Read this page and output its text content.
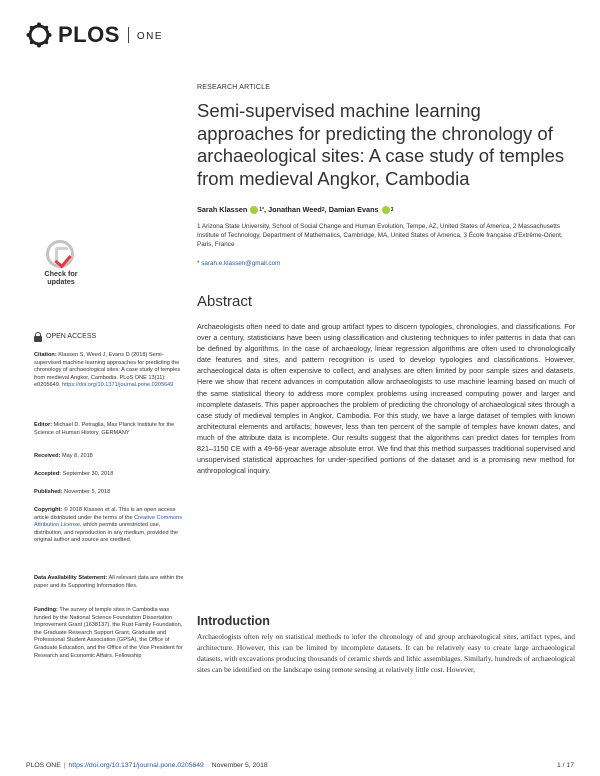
PLOS ONE
Check for
updates
RESEARCH ARTICLE
Semi-supervised machine learning approaches for predicting the chronology of archaeological sites: A case study of temples from medieval Angkor, Cambodia
Sarah Klassen 1* , Jonathan Weed 2 , Damian Evans 3
1 Arizona State University, School of Social Change and Human Evolution, Tempe, AZ, United States of America, 2 Massachusetts Institute of Technology, Department of Mathematics, Cambridge, MA, United States of America, 3 École française d'Extrême-Orient, Paris, France
* sarah.e.klassen@gmail.com
Abstract
Archaeologists often need to date and group artifact types to discern typologies, chronologies, and classifications. For over a century, statisticians have been using classification and clustering techniques to infer patterns in data that can be defined by algorithms. In the case of archaeology, linear regression algorithms are often used to chronologically date features and sites, and pattern recognition is used to develop typologies and classifications. However, archaeological data is often expensive to collect, and analyses are often limited by poor sample sizes and datasets. Here we show that recent advances in computation allow archaeologists to use machine learning based on much of the same statistical theory to address more complex problems using increased computing power and larger and incomplete datasets. This paper approaches the problem of predicting the chronology of archaeological sites through a case study of medieval temples in Angkor, Cambodia. For this study, we have a large dataset of temples with known architectural elements and artifacts; however, less than ten percent of the sample of temples have known dates, and much of the attribute data is incomplete. Our results suggest that the algorithms can predict dates for temples from 821–1150 CE with a 49-66-year average absolute error. We find that this method surpasses traditional supervised and unsupervised statistical approaches for under-specified portions of the dataset and is a promising new method for anthropological inquiry.
Introduction
Archaeologists often rely on statistical methods to infer the chronology of and group archaeological sites, artifact types, and architecture. However, this can be limited by incomplete datasets. It can be relatively easy to create large archaeological datasets, with excavations producing thousands of ceramic sherds and lithic assemblages. Similarly, hundreds of archaeological sites can be identified on the landscape using remote sensing at relatively little cost. However,
OPEN ACCESS
Citation: Klassen S, Weed J, Evans D (2018) Semi-supervised machine learning approaches for predicting the chronology of archaeological sites: A case study of temples from medieval Angkor, Cambodia. PLoS ONE 13(11): e0205649. https://doi.org/10.1371/journal.pone.0205649
Editor: Michael D. Petraglia, Max Planck Institute for the Science of Human History, GERMANY
Received: May 8, 2018
Accepted: September 30, 2018
Published: November 5, 2018
Copyright: © 2018 Klassen et al. This is an open access article distributed under the terms of the Creative Commons Attribution License, which permits unrestricted use, distribution, and reproduction in any medium, provided the original author and source are credited.
Data Availability Statement: All relevant data are within the paper and its Supporting Information files.
Funding: The survey of temple sites in Cambodia was funded by the National Science Foundation Dissertation Improvement Grant (1638137), the Rust Family Foundation, the Graduate Research Support Grant, Graduate and Professional Student Association (GPSA), the Office of Graduate Education, and the Office of the Vice President for Research and Economic Affairs. Fellowship
PLOS ONE | https://doi.org/10.1371/journal.pone.0205649
November 5, 2018	1 / 17
